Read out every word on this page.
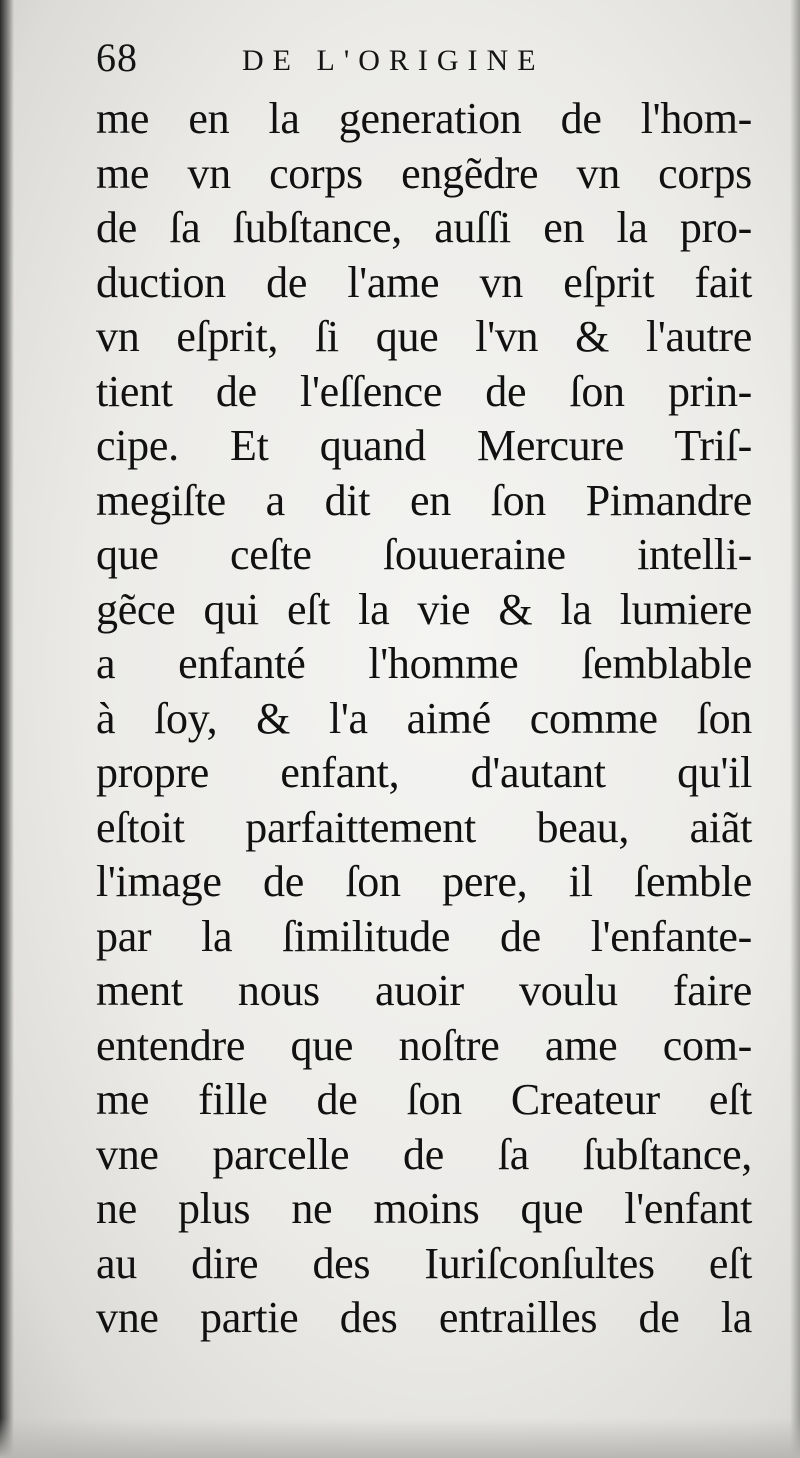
68	DE L'ORIGINE
me en la generation de l'hom-
me vn corps engẽdre vn corps
de ſa ſubſtance, auſſi en la pro-
duction de l'ame vn eſprit fait
vn eſprit, ſi que l'vn & l'autre
tient de l'eſſence de ſon prin-
cipe. Et quand Mercure Triſ-
megiſte a dit en ſon Pimandre
que ceſte ſouueraine intelli-
gẽce qui eſt la vie & la lumiere
a enfanté l'homme ſemblable
à ſoy, & l'a aimé comme ſon
propre enfant, d'autant qu'il
eſtoit parfaittement beau, aiãt
l'image de ſon pere, il ſemble
par la ſimilitude de l'enfante-
ment nous auoir voulu faire
entendre que noſtre ame com-
me fille de ſon Createur eſt
vne parcelle de ſa ſubſtance,
ne plus ne moins que l'enfant
au dire des Iuriſconſultes eſt
vne partie des entrailles de la
